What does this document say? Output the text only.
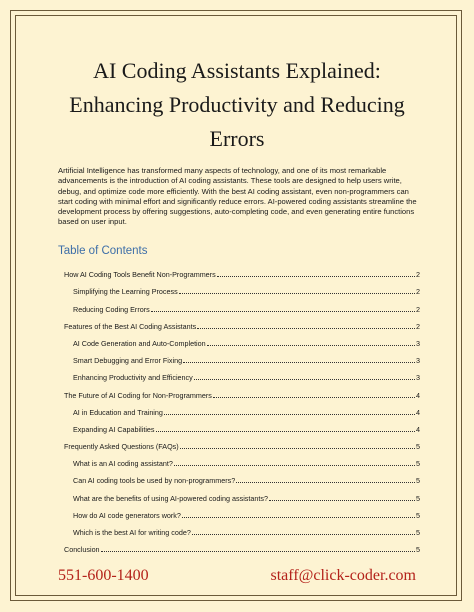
AI Coding Assistants Explained:
Enhancing Productivity and Reducing
Errors

Artificial Intelligence has transformed many aspects of technology, and one of its most remarkable advancements is the introduction of AI coding assistants. These tools are designed to help users write, debug, and optimize code more efficiently. With the best AI coding assistant, even non-programmers can start coding with minimal effort and significantly reduce errors. AI-powered coding assistants streamline the development process by offering suggestions, auto-completing code, and even generating entire functions based on user input.

Table of Contents
How AI Coding Tools Benefit Non-Programmers	2
Simplifying the Learning Process	2
Reducing Coding Errors	2
Features of the Best AI Coding Assistants	2
AI Code Generation and Auto-Completion	3
Smart Debugging and Error Fixing	3
Enhancing Productivity and Efficiency	3
The Future of AI Coding for Non-Programmers	4
AI in Education and Training	4
Expanding AI Capabilities	4
Frequently Asked Questions (FAQs)	5
What is an AI coding assistant?	5
Can AI coding tools be used by non-programmers?	5
What are the benefits of using AI-powered coding assistants?	5
How do AI code generators work?	5
Which is the best AI for writing code?	5
Conclusion	5
551-600-1400	staff@click-coder.com
